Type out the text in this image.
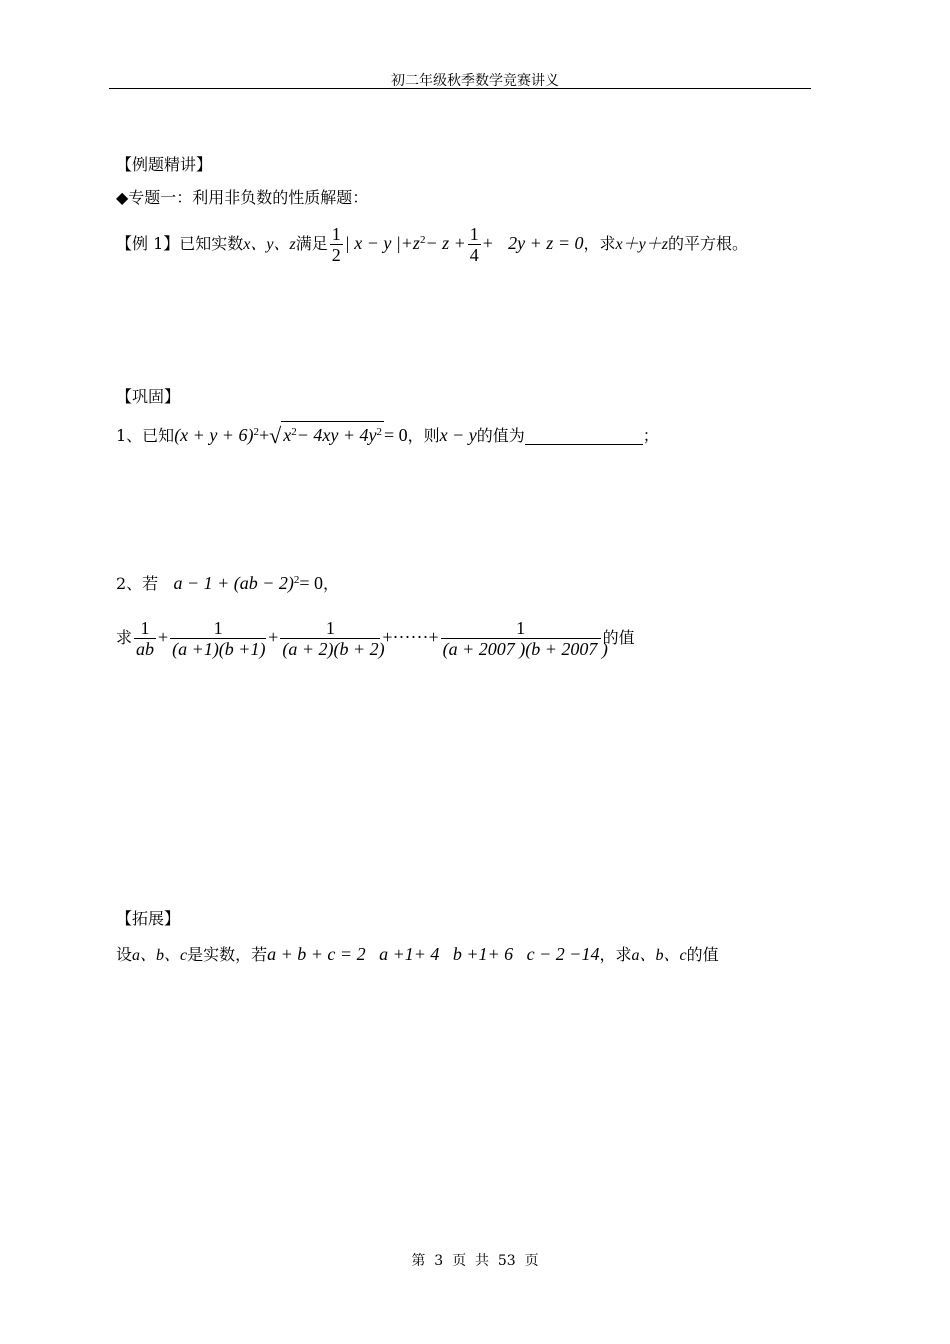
初二年级秋季数学竞赛讲义
【例题精讲】
◆专题一：利用非负数的性质解题：
【例 1】已知实数x、y、z满足 $\frac{1}{2}$ | x − y $|+z^2- z + \frac{1}{4} + 2y + z = 0$，求x＋y＋z的平方根。
【巩固】
1、已知$(x + y + 6)^2+√$ $x^2- 4xy + 4y^2 = 0$，则x − y的值为	；
2、若 a − 1 + (ab − 2)$^2$= 0，
求 $\frac{1}{ab} + \frac{1}{(a +1)(b +1)} + \frac{1}{(a + 2)(b + 2)}$ +······+ $\frac{1}{(a + 2007 )(b + 2007 )}$ 的值
【拓展】
设a、b、c是实数，若a + b + c = 2   a +1+ 4   b +1+ 6   c − 2 −14，求a、b、c的值
第  3  页  共  53  页
